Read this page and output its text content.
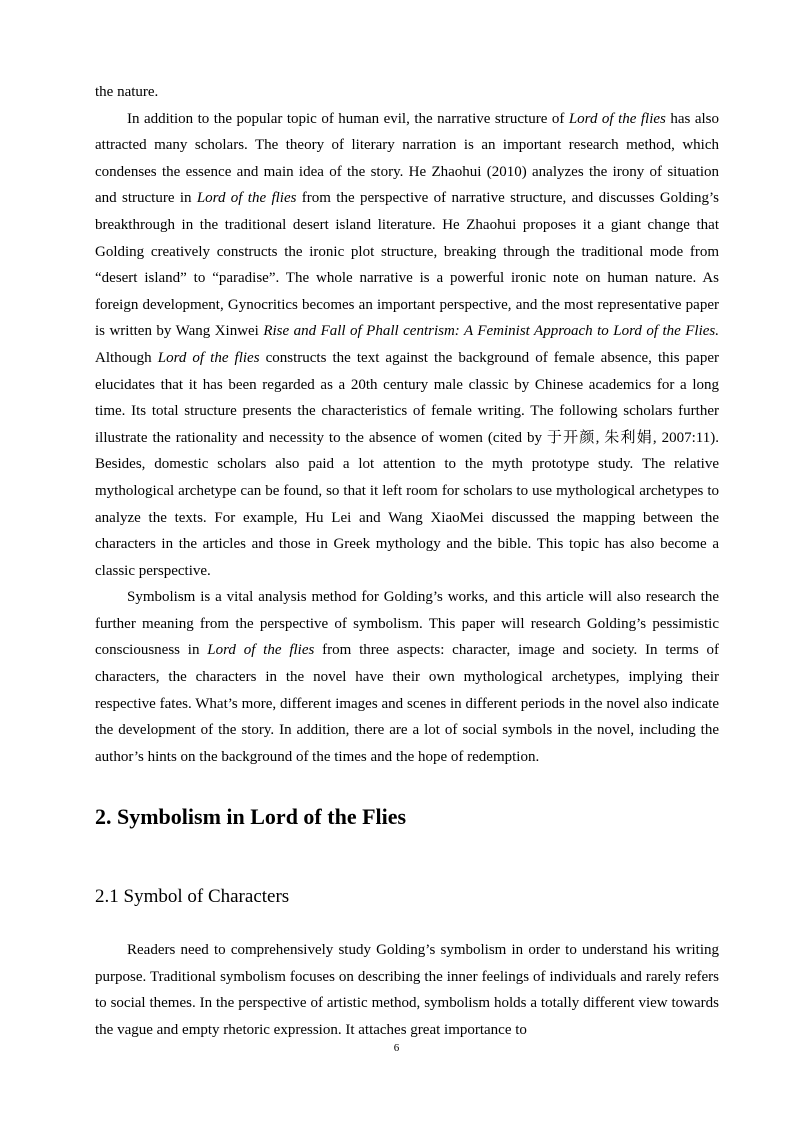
the nature.

In addition to the popular topic of human evil, the narrative structure of Lord of the flies has also attracted many scholars. The theory of literary narration is an important research method, which condenses the essence and main idea of the story. He Zhaohui (2010) analyzes the irony of situation and structure in Lord of the flies from the perspective of narrative structure, and discusses Golding’s breakthrough in the traditional desert island literature. He Zhaohui proposes it a giant change that Golding creatively constructs the ironic plot structure, breaking through the traditional mode from “desert island” to “paradise”. The whole narrative is a powerful ironic note on human nature. As foreign development, Gynocritics becomes an important perspective, and the most representative paper is written by Wang Xinwei Rise and Fall of Phall centrism: A Feminist Approach to Lord of the Flies. Although Lord of the flies constructs the text against the background of female absence, this paper elucidates that it has been regarded as a 20th century male classic by Chinese academics for a long time. Its total structure presents the characteristics of female writing. The following scholars further illustrate the rationality and necessity to the absence of women (cited by 于开颜, 朱利娟, 2007:11). Besides, domestic scholars also paid a lot attention to the myth prototype study. The relative mythological archetype can be found, so that it left room for scholars to use mythological archetypes to analyze the texts. For example, Hu Lei and Wang XiaoMei discussed the mapping between the characters in the articles and those in Greek mythology and the bible. This topic has also become a classic perspective.

Symbolism is a vital analysis method for Golding’s works, and this article will also research the further meaning from the perspective of symbolism. This paper will research Golding’s pessimistic consciousness in Lord of the flies from three aspects: character, image and society. In terms of characters, the characters in the novel have their own mythological archetypes, implying their respective fates. What’s more, different images and scenes in different periods in the novel also indicate the development of the story. In addition, there are a lot of social symbols in the novel, including the author’s hints on the background of the times and the hope of redemption.

2. Symbolism in Lord of the Flies
2.1 Symbol of Characters

Readers need to comprehensively study Golding’s symbolism in order to understand his writing purpose. Traditional symbolism focuses on describing the inner feelings of individuals and rarely refers to social themes. In the perspective of artistic method, symbolism holds a totally different view towards the vague and empty rhetoric expression. It attaches great importance to

6
